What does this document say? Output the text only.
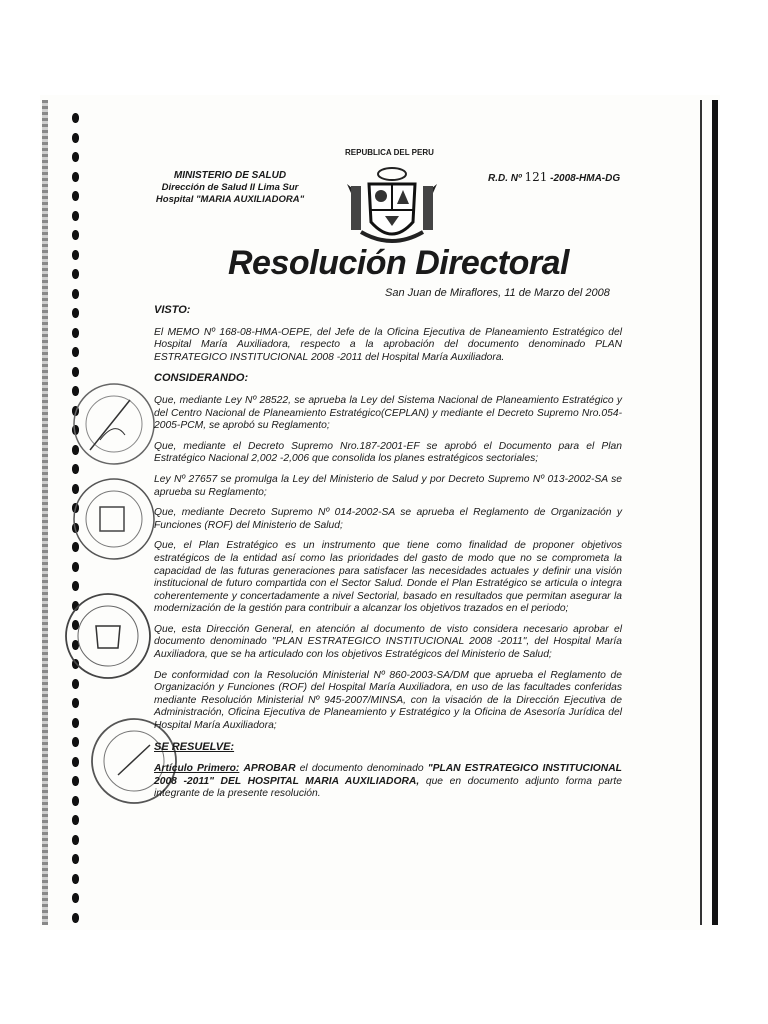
MINISTERIO DE SALUD
Dirección de Salud II Lima Sur
Hospital "MARIA AUXILIADORA"
REPUBLICA DEL PERU
R.D. Nº 121 -2008-HMA-DG
Resolución Directoral
San Juan de Miraflores, 11 de Marzo del 2008
VISTO:

El MEMO Nº 168-08-HMA-OEPE, del Jefe de la Oficina Ejecutiva de Planeamiento Estratégico del Hospital María Auxiliadora, respecto a la aprobación del documento denominado PLAN ESTRATEGICO INSTITUCIONAL 2008 -2011 del Hospital María Auxiliadora.

CONSIDERANDO:

Que, mediante Ley Nº 28522, se aprueba la Ley del Sistema Nacional de Planeamiento Estratégico y del Centro Nacional de Planeamiento Estratégico(CEPLAN) y mediante el Decreto Supremo Nro.054-2005-PCM, se aprobó su Reglamento;

Que, mediante el Decreto Supremo Nro.187-2001-EF se aprobó el Documento para el Plan Estratégico Nacional 2,002 -2,006 que consolida los planes estratégicos sectoriales;

Ley Nº 27657 se promulga la Ley del Ministerio de Salud y por Decreto Supremo Nº 013-2002-SA se aprueba su Reglamento;

Que, mediante Decreto Supremo Nº 014-2002-SA se aprueba el Reglamento de Organización y Funciones (ROF) del Ministerio de Salud;

Que, el Plan Estratégico es un instrumento que tiene como finalidad de proponer objetivos estratégicos de la entidad así como las prioridades del gasto de modo que no se comprometa la capacidad de las futuras generaciones para satisfacer las necesidades actuales y definir una visión institucional de futuro compartida con el Sector Salud. Donde el Plan Estratégico se articula o integra coherentemente y concertadamente a nivel Sectorial, basado en resultados que permitan asegurar la modernización de la gestión para contribuir a alcanzar los objetivos trazados en el periodo;

Que, esta Dirección General, en atención al documento de visto considera necesario aprobar el documento denominado "PLAN ESTRATEGICO INSTITUCIONAL 2008 -2011", del Hospital María Auxiliadora, que se ha articulado con los objetivos Estratégicos del Ministerio de Salud;

De conformidad con la Resolución Ministerial Nº 860-2003-SA/DM que aprueba el Reglamento de Organización y Funciones (ROF) del Hospital María Auxiliadora, en uso de las facultades conferidas mediante Resolución Ministerial Nº 945-2007/MINSA, con la visación de la Dirección Ejecutiva de Administración, Oficina Ejecutiva de Planeamiento y Estratégico y la Oficina de Asesoría Jurídica del Hospital María Auxiliadora;

SE RESUELVE:

Artículo Primero: APROBAR el documento denominado "PLAN ESTRATEGICO INSTITUCIONAL 2008 -2011" DEL HOSPITAL MARIA AUXILIADORA, que en documento adjunto forma parte integrante de la presente resolución.
